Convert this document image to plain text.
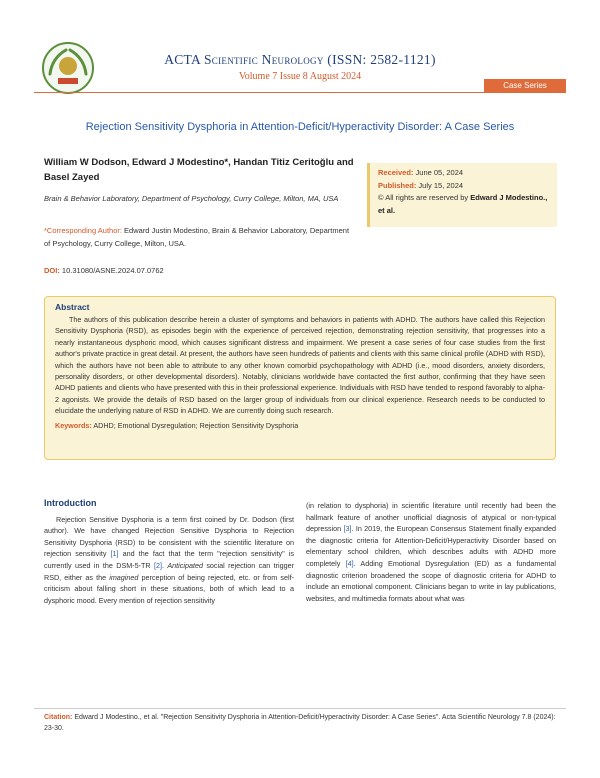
ACTA Scientific Neurology (ISSN: 2582-1121)
Volume 7 Issue 8 August 2024
Case Series
Rejection Sensitivity Dysphoria in Attention-Deficit/Hyperactivity Disorder: A Case Series
William W Dodson, Edward J Modestino*, Handan Titiz Ceritoğlu and Basel Zayed
Brain & Behavior Laboratory, Department of Psychology, Curry College, Milton, MA, USA
*Corresponding Author: Edward Justin Modestino, Brain & Behavior Laboratory, Department of Psychology, Curry College, Milton, USA.
DOI: 10.31080/ASNE.2024.07.0762
Received: June 05, 2024
Published: July 15, 2024
© All rights are reserved by Edward J Modestino., et al.
Abstract
The authors of this publication describe herein a cluster of symptoms and behaviors in patients with ADHD. The authors have called this Rejection Sensitivity Dysphoria (RSD), as episodes begin with the experience of perceived rejection, demonstrating rejection sensitivity, that progresses into a nearly instantaneous dysphoric mood, which causes significant distress and impairment. We present a case series of four case studies from the first author's private practice in great detail. At present, the authors have seen hundreds of patients and clients with this same clinical profile (ADHD with RSD), which the authors have not been able to attribute to any other known comorbid psychopathology with ADHD (i.e., mood disorders, anxiety disorders, personality disorders, or other developmental disorders). Notably, clinicians worldwide have contacted the first author, confirming that they have seen ADHD patients and clients who have presented with this in their professional experience. Individuals with RSD have tended to respond favorably to alpha-2 agonists. We provide the details of RSD based on the larger group of individuals from our clinical experience. Research needs to be conducted to elucidate the underlying nature of RSD in ADHD. We are currently doing such research.
Keywords: ADHD; Emotional Dysregulation; Rejection Sensitivity Dysphoria
Introduction
Rejection Sensitive Dysphoria is a term first coined by Dr. Dodson (first author). We have changed Rejection Sensitive Dysphoria to Rejection Sensitivity Dysphoria (RSD) to be consistent with the scientific literature on rejection sensitivity [1] and the fact that the term "rejection sensitivity" is currently used in the DSM-5-TR [2]. Anticipated social rejection can trigger RSD, either as the imagined perception of being rejected, etc. or from self-criticism about falling short in these situations, both of which lead to a dysphoric mood. Every mention of rejection sensitivity
(in relation to dysphoria) in scientific literature until recently had been the hallmark feature of another unofficial diagnosis of atypical or non-typical depression [3]. In 2019, the European Consensus Statement finally expanded the diagnostic criteria for Attention-Deficit/Hyperactivity Disorder based on elementary school children, which describes adults with ADHD more completely [4]. Adding Emotional Dysregulation (ED) as a fundamental diagnostic criterion broadened the scope of diagnostic criteria for ADHD to include an emotional component. Clinicians began to write in lay publications, websites, and multimedia formats about what was
Citation: Edward J Modestino., et al. "Rejection Sensitivity Dysphoria in Attention-Deficit/Hyperactivity Disorder: A Case Series". Acta Scientific Neurology 7.8 (2024): 23-30.
